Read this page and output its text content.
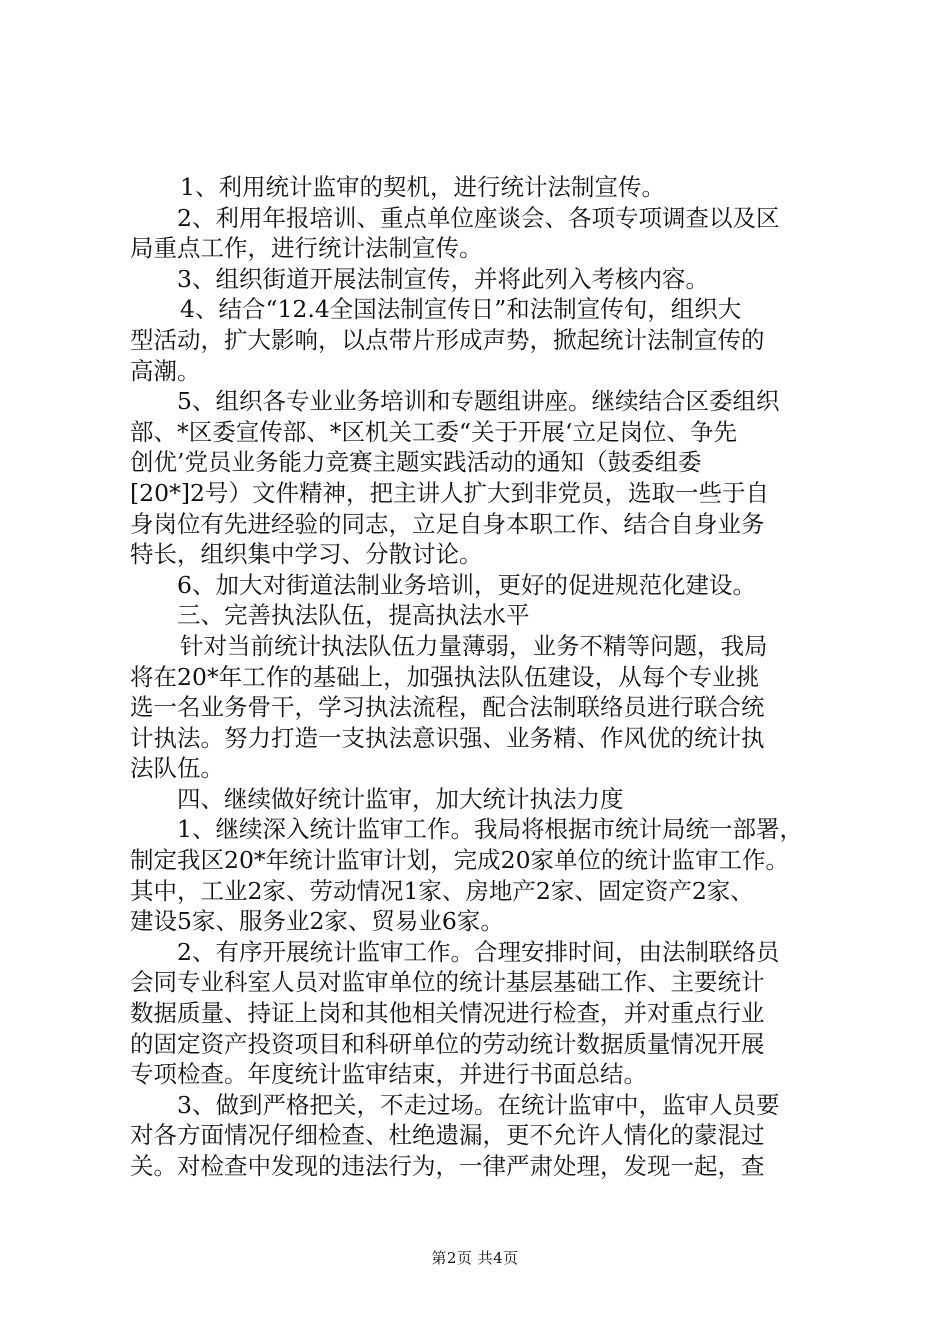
1、利用统计监审的契机，进行统计法制宣传。
2、利用年报培训、重点单位座谈会、各项专项调查以及区
局重点工作，进行统计法制宣传。
3、组织街道开展法制宣传，并将此列入考核内容。
4、结合“12.4全国法制宣传日”和法制宣传旬，组织大
型活动，扩大影响，以点带片形成声势，掀起统计法制宣传的
高潮。
5、组织各专业业务培训和专题组讲座。继续结合区委组织
部、*区委宣传部、*区机关工委“关于开展‘立足岗位、争先
创优’党员业务能力竞赛主题实践活动的通知（鼓委组委
[20*]2号）文件精神，把主讲人扩大到非党员，选取一些于自
身岗位有先进经验的同志，立足自身本职工作、结合自身业务
特长，组织集中学习、分散讨论。
6、加大对街道法制业务培训，更好的促进规范化建设。
三、完善执法队伍，提高执法水平
针对当前统计执法队伍力量薄弱，业务不精等问题，我局
将在20*年工作的基础上，加强执法队伍建设，从每个专业挑
选一名业务骨干，学习执法流程，配合法制联络员进行联合统
计执法。努力打造一支执法意识强、业务精、作风优的统计执
法队伍。
四、继续做好统计监审，加大统计执法力度
1、继续深入统计监审工作。我局将根据市统计局统一部署，
制定我区20*年统计监审计划，完成20家单位的统计监审工作。
其中，工业2家、劳动情况1家、房地产2家、固定资产2家、
建设5家、服务业2家、贸易业6家。
2、有序开展统计监审工作。合理安排时间，由法制联络员
会同专业科室人员对监审单位的统计基层基础工作、主要统计
数据质量、持证上岗和其他相关情况进行检查，并对重点行业
的固定资产投资项目和科研单位的劳动统计数据质量情况开展
专项检查。年度统计监审结束，并进行书面总结。
3、做到严格把关，不走过场。在统计监审中，监审人员要
对各方面情况仔细检查、杜绝遗漏，更不允许人情化的蒙混过
关。对检查中发现的违法行为，一律严肃处理，发现一起，查
第2页 共4页
